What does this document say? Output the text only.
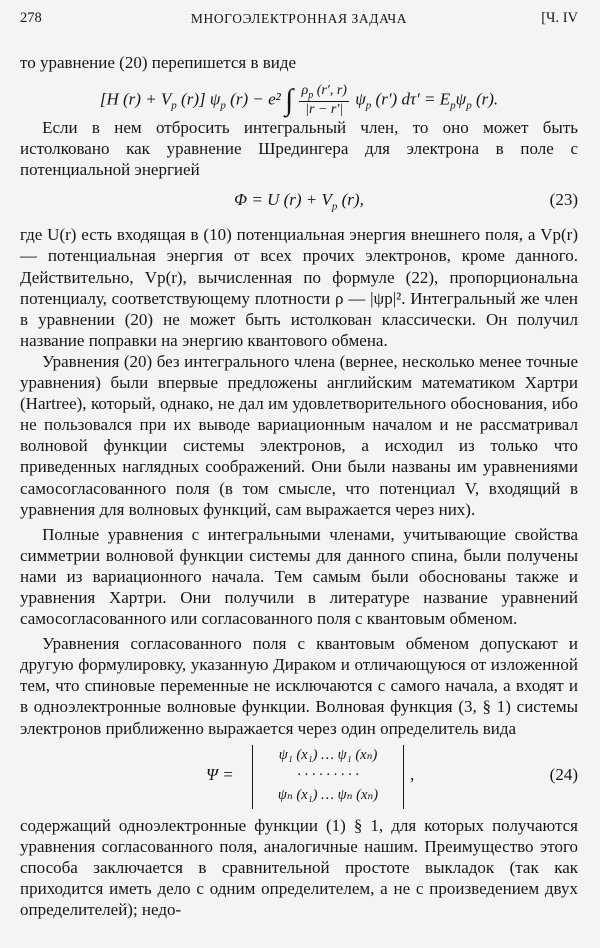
278	МНОГОЭЛЕКТРОННАЯ ЗАДАЧА	[Ч. IV

то уравнение (20) перепишется в виде

[H $(r) + V_p$ (r)] $\psi_p$ (r) − e² ∫ $\frac{\rho_p (r', r)}{|r - r'|} \psi_p$ (r′) $d\tau' = E_p\psi_p$ (r).

Если в нем отбросить интегральный член, то оно может быть истолковано как уравнение Шредингера для электрона в поле с потенциальной энергией

Φ = U $(r) + V_p$ (r),	(23)

где U(r) есть входящая в (10) потенциальная энергия внешнего поля, а Vp(r) — потенциальная энергия от всех прочих электронов, кроме данного. Действительно, Vp(r), вычисленная по формуле (22), пропорциональна потенциалу, соответствующему плотности ρ — |ψp|². Интегральный же член в уравнении (20) не может быть истолкован классически. Он получил название поправки на энергию квантового обмена.

Уравнения (20) без интегрального члена (вернее, несколько менее точные уравнения) были впервые предложены английским математиком Хартри (Hartree), который, однако, не дал им удовлетворительного обоснования, ибо не пользовался при их выводе вариационным началом и не рассматривал волновой функции системы электронов, а исходил из только что приведенных наглядных соображений. Они были названы им уравнениями самосогласованного поля (в том смысле, что потенциал V, входящий в уравнения для волновых функций, сам выражается через них).

Полные уравнения с интегральными членами, учитывающие свойства симметрии волновой функции системы для данного спина, были получены нами из вариационного начала. Тем самым были обоснованы также и уравнения Хартри. Они получили в литературе название уравнений самосогласованного или согласованного поля с квантовым обменом.

Уравнения согласованного поля с квантовым обменом допускают и другую формулировку, указанную Дираком и отличающуюся от изложенной тем, что спиновые переменные не исключаются с самого начала, а входят и в одноэлектронные волновые функции. Волновая функция (3, § 1) системы электронов приближенно выражается через один определитель вида

Ψ =
ψ₁ (x₁) … ψ₁ (xₙ)
· · · · · · · · ·
ψₙ (x₁) … ψₙ (xₙ)
,	(24)

содержащий одноэлектронные функции (1) § 1, для которых получаются уравнения согласованного поля, аналогичные нашим. Преимущество этого способа заключается в сравнительной простоте выкладок (так как приходится иметь дело с одним определителем, а не с произведением двух определителей); недо-
